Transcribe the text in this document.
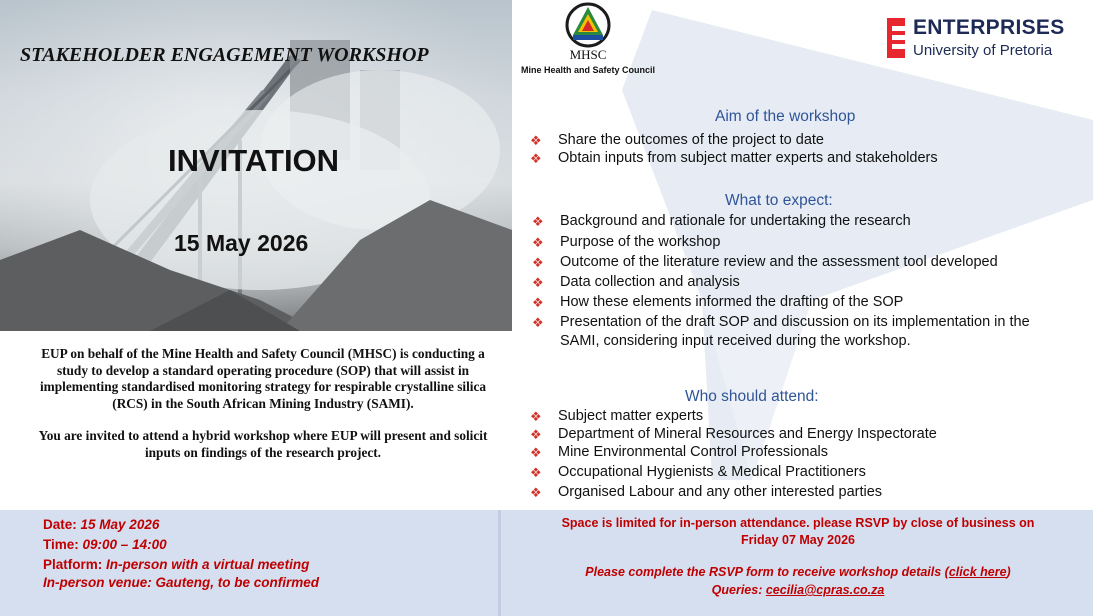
STAKEHOLDER ENGAGEMENT WORKSHOP
INVITATION
15 May 2026
MHSC
Mine Health and Safety Council
ENTERPRISES
University of Pretoria
Aim of the workshop
❖	Share the outcomes of the project to date
❖	Obtain inputs from subject matter experts and stakeholders
What to expect:
❖	Background and rationale for undertaking the research
❖	Purpose of the workshop
❖	Outcome of the literature review and the assessment tool developed
❖	Data collection and analysis
❖	How these elements informed the drafting of the SOP
❖	Presentation of the draft SOP and discussion on its implementation in the SAMI, considering input received during the workshop.
Who should attend:
❖	Subject matter experts
❖	Department of Mineral Resources and Energy Inspectorate
❖	Mine Environmental Control Professionals
❖	Occupational Hygienists & Medical Practitioners
❖	Organised Labour and any other interested parties
EUP on behalf of the Mine Health and Safety Council (MHSC) is conducting a study to develop a standard operating procedure (SOP) that will assist in implementing standardised monitoring strategy for respirable crystalline silica (RCS) in the South African Mining Industry (SAMI).
You are invited to attend a hybrid workshop where EUP will present and solicit inputs on findings of the research project.
Date: 15 May 2026
Time: 09:00 – 14:00
Platform: In-person with a virtual meeting
In-person venue: Gauteng, to be confirmed
Space is limited for in-person attendance. please RSVP by close of business on
Friday 07 May 2026
Please complete the RSVP form to receive workshop details (click here)
Queries: cecilia@cpras.co.za
